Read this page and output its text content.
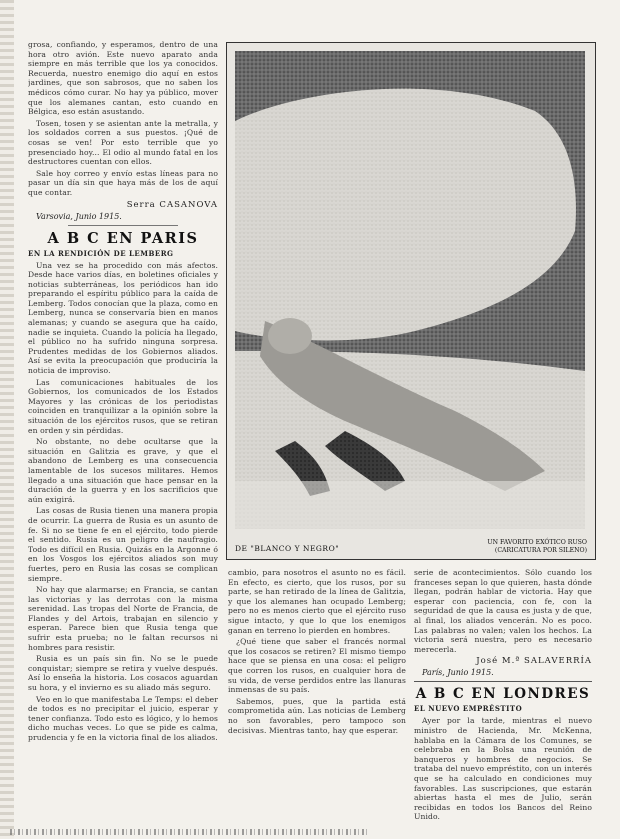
grosa, confiando, y esperamos, dentro de una hora otro avión. Este nuevo aparato anda siempre en más terrible que los ya conocidos. Recuerda, nuestro enemigo dio aquí en estos jardines, que son sabrosos, que no saben los médicos cómo curar. No hay ya público, mover que los alemanes cantan, esto cuando en Bélgica, eso están asustando.

Tosen, tosen y se asientan ante la metralla, y los soldados corren a sus puestos. ¡Qué de cosas se ven! Por esto terrible que yo presenciado hoy... El odio al mundo fatal en los destructores cuentan con ellos.

Sale hoy correo y envío estas líneas para no pasar un día sin que haya más de los de aquí que contar.

Serra CASANOVA
Varsovia, Junio 1915.
A B C EN PARIS
EN LA RENDICIÓN DE LEMBERG

Una vez se ha procedido con más afectos. Desde hace varios días, en boletines oficiales y noticias subterráneas, los periódicos han ido preparando el espíritu público para la caída de Lemberg. Todos conocían que la plaza, como en Lemberg, nunca se conservaría bien en manos alemanas; y cuando se asegura que ha caído, nadie se inquieta. Cuando la policía ha llegado, el público no ha sufrido ninguna sorpresa. Prudentes medidas de los Gobiernos aliados. Así se evita la preocupación que produciría la noticia de improviso.

Las comunicaciones habituales de los Gobiernos, los comunicados de los Estados Mayores y las crónicas de los periodistas coinciden en tranquilizar a la opinión sobre la situación de los ejércitos rusos, que se retiran en orden y sin pérdidas.

No obstante, no debe ocultarse que la situación en Galitzia es grave, y que el abandono de Lemberg es una consecuencia lamentable de los sucesos militares. Hemos llegado a una situación que hace pensar en la duración de la guerra y en los sacrificios que aún exigirá.

Las cosas de Rusia tienen una manera propia de ocurrir. La guerra de Rusia es un asunto de fe. Si no se tiene fe en el ejército, todo pierde el sentido. Rusia es un peligro de naufragio. Todo es difícil en Rusia. Quizás en la Argonne ó en los Vosgos los ejércitos aliados son muy fuertes, pero en Rusia las cosas se complican siempre.

No hay que alarmarse; en Francia, se cantan las victorias y las derrotas con la misma serenidad. Las tropas del Norte de Francia, de Flandes y del Artois, trabajan en silencio y esperan. Parece bien que Rusia tenga que sufrir esta prueba; no le faltan recursos ni hombres para resistir.

Rusia es un país sin fin. No se le puede conquistar; siempre se retira y vuelve después. Así lo enseña la historia. Los cosacos aguardan su hora, y el invierno es su aliado más seguro.

Veo en lo que manifestaba Le Temps: el deber de todos es no precipitar el juicio, esperar y tener confianza. Todo esto es lógico, y lo hemos dicho muchas veces. Lo que se pide es calma, prudencia y fe en la victoria final de los aliados.

DE "BLANCO Y NEGRO"
UN FAVORITO EXÓTICO RUSO (CARICATURA POR SILENO)

cambio, para nosotros el asunto no es fácil. En efecto, es cierto, que los rusos, por su parte, se han retirado de la línea de Galitzia, y que los alemanes han ocupado Lemberg; pero no es menos cierto que el ejército ruso sigue intacto, y que lo que los enemigos ganan en terreno lo pierden en hombres.

¿Qué tiene que saber el francés normal que los cosacos se retiren? El mismo tiempo hace que se piensa en una cosa: el peligro que corren los rusos, en cualquier hora de su vida, de verse perdidos entre las llanuras inmensas de su país.

Sabemos, pues, que la partida está comprometida aún. Las noticias de Lemberg no son favorables, pero tampoco son decisivas. Mientras tanto, hay que esperar.

serie de acontecimientos. Sólo cuando los franceses sepan lo que quieren, hasta dónde llegan, podrán hablar de victoria. Hay que esperar con paciencia, con fe, con la seguridad de que la causa es justa y de que, al final, los aliados vencerán. No es poco. Las palabras no valen; valen los hechos. La victoria será nuestra, pero es necesario merecerla.

José M.ª SALAVERRÍA
París, Junio 1915.
A B C EN LONDRES
EL NUEVO EMPRÉSTITO

Ayer por la tarde, mientras el nuevo ministro de Hacienda, Mr. McKenna, hablaba en la Cámara de los Comunes, se celebraba en la Bolsa una reunión de banqueros y hombres de negocios. Se trataba del nuevo empréstito, con un interés que se ha calculado en condiciones muy favorables. Las suscripciones, que estarán abiertas hasta el mes de Julio, serán recibidas en todos los Bancos del Reino Unido.
